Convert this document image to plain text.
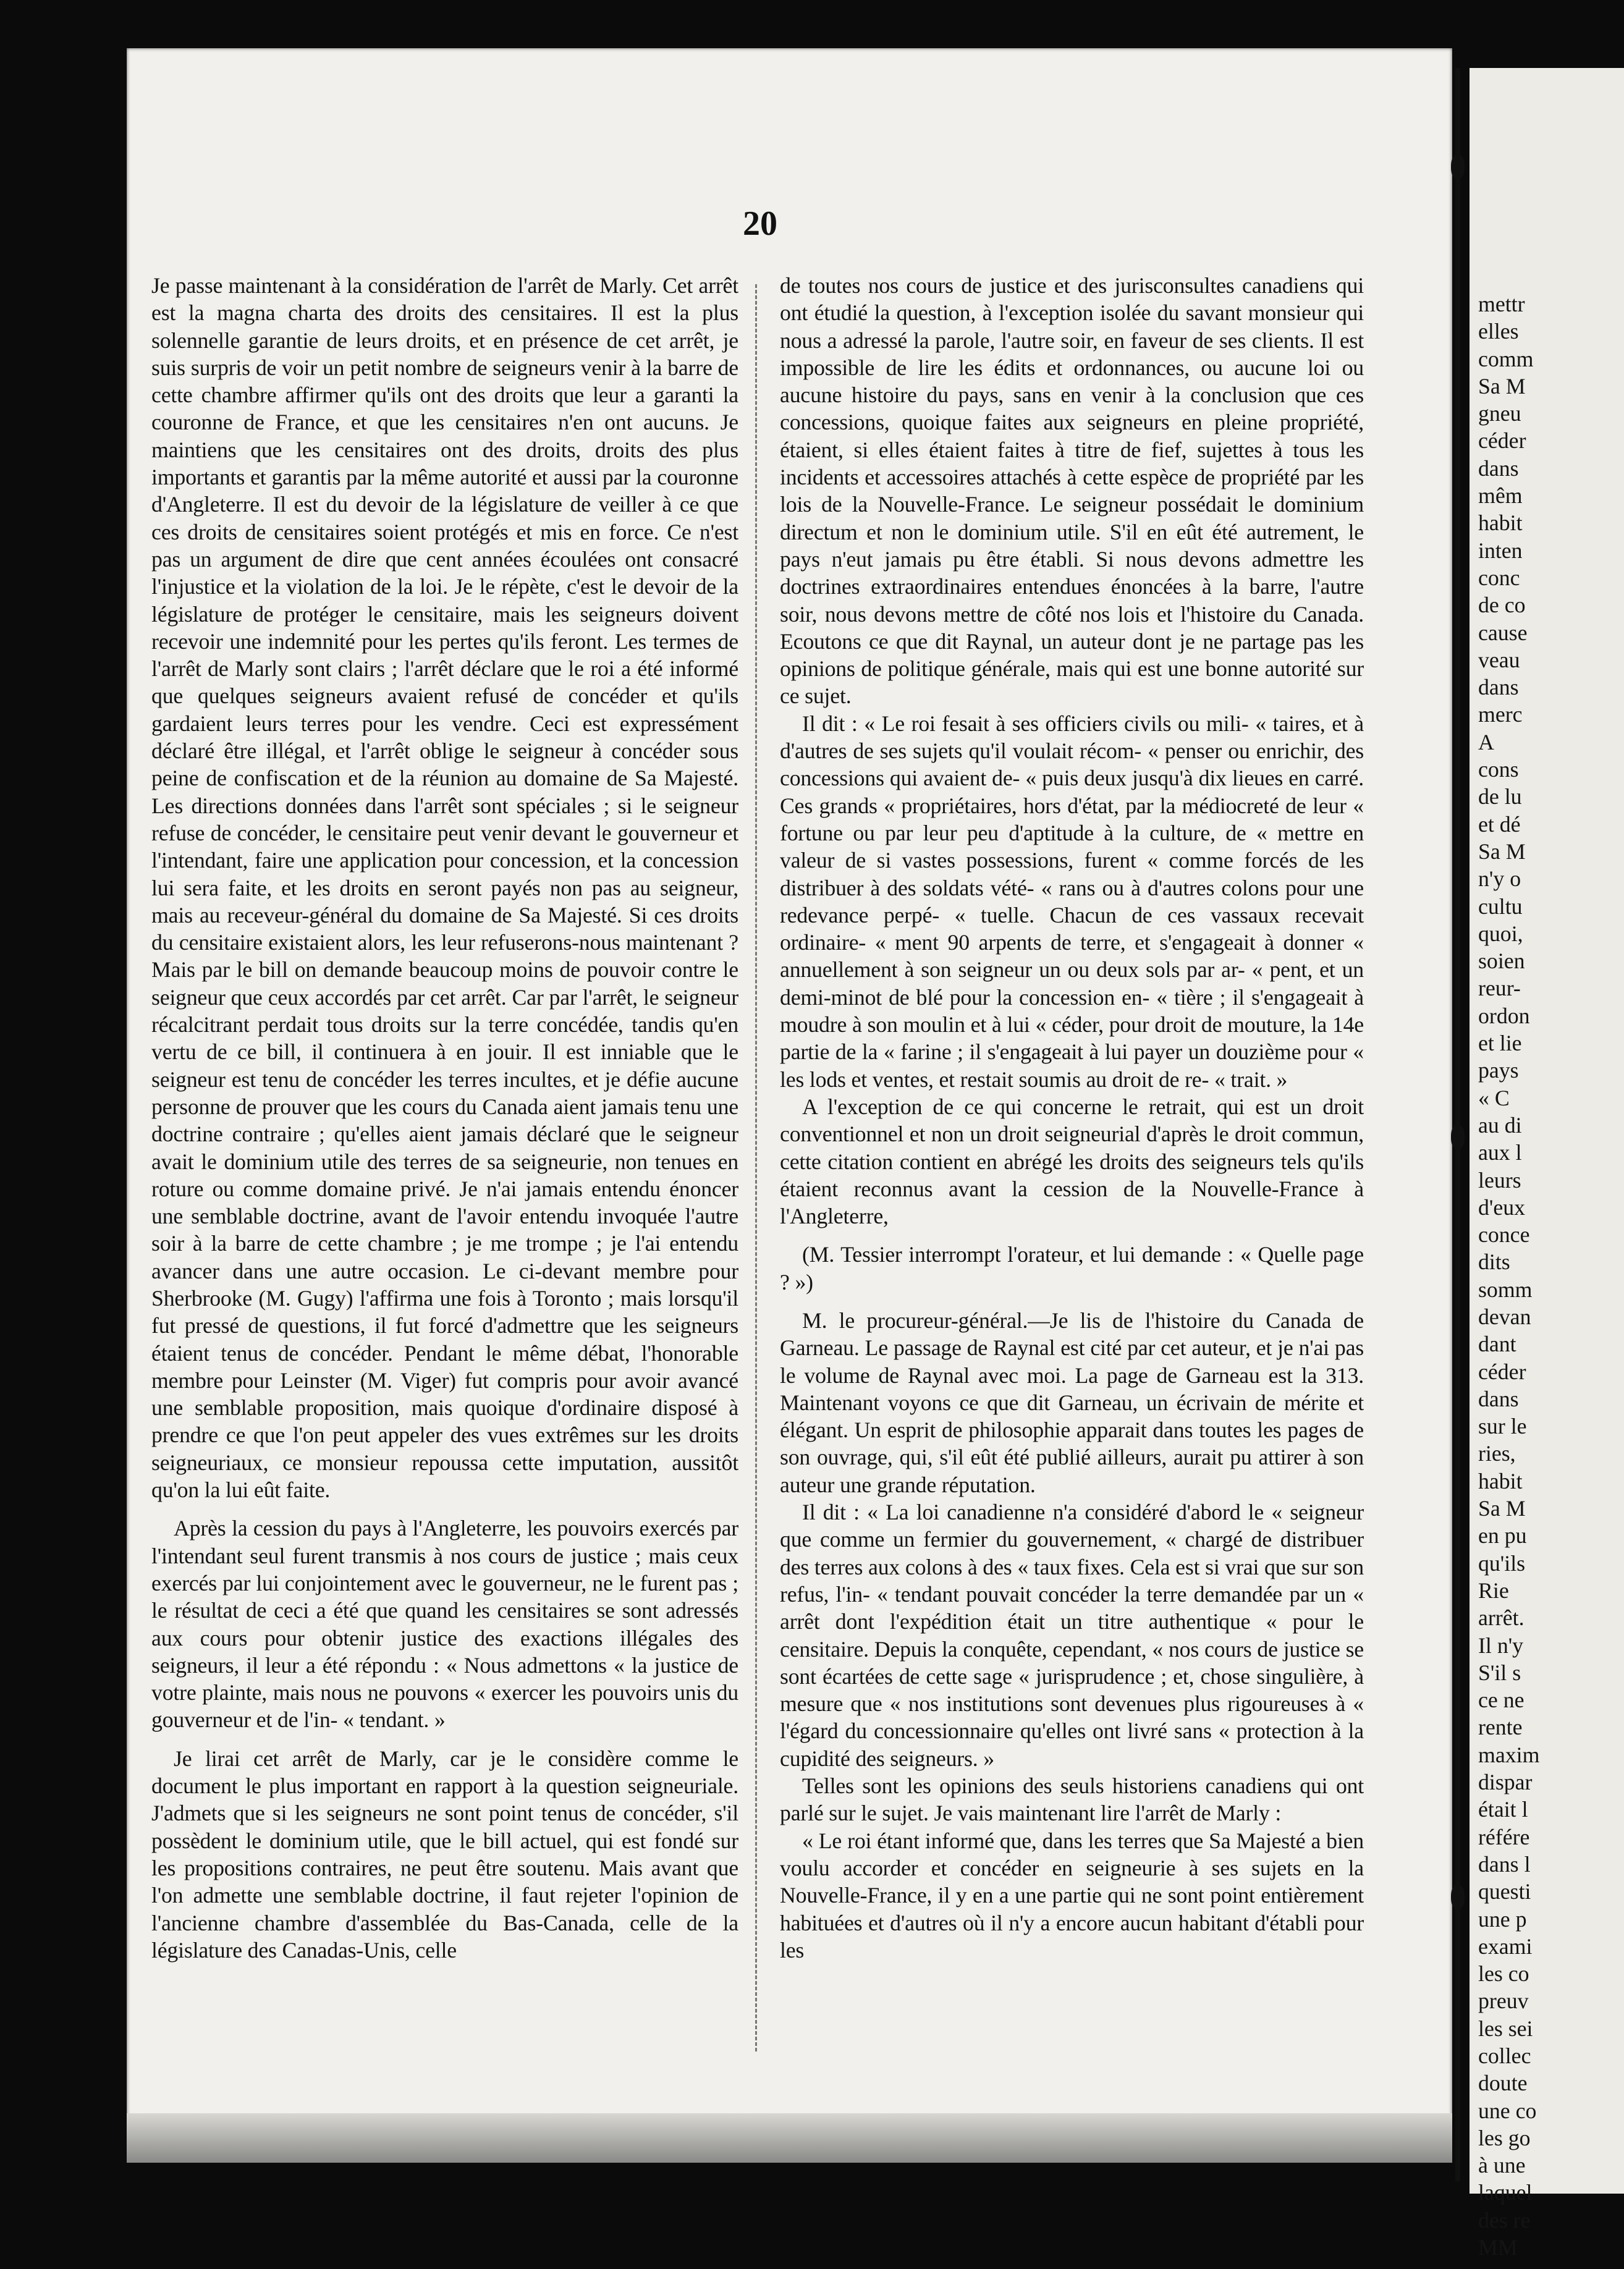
20

Je passe maintenant à la considération de l'arrêt de Marly. Cet arrêt est la magna charta des droits des censitaires. Il est la plus solennelle garantie de leurs droits, et en présence de cet arrêt, je suis surpris de voir un petit nombre de seigneurs venir à la barre de cette chambre affirmer qu'ils ont des droits que leur a garanti la couronne de France, et que les censitaires n'en ont aucuns. Je maintiens que les censitaires ont des droits, droits des plus importants et garantis par la même autorité et aussi par la couronne d'Angleterre. Il est du devoir de la législature de veiller à ce que ces droits de censitaires soient protégés et mis en force. Ce n'est pas un argument de dire que cent années écoulées ont consacré l'injustice et la violation de la loi. Je le répète, c'est le devoir de la législature de protéger le censitaire, mais les seigneurs doivent recevoir une indemnité pour les pertes qu'ils feront. Les termes de l'arrêt de Marly sont clairs ; l'arrêt déclare que le roi a été informé que quelques seigneurs avaient refusé de concéder et qu'ils gardaient leurs terres pour les vendre. Ceci est expressément déclaré être illégal, et l'arrêt oblige le seigneur à concéder sous peine de confiscation et de la réunion au domaine de Sa Majesté. Les directions données dans l'arrêt sont spéciales ; si le seigneur refuse de concéder, le censitaire peut venir devant le gouverneur et l'intendant, faire une application pour concession, et la concession lui sera faite, et les droits en seront payés non pas au seigneur, mais au receveur-général du domaine de Sa Majesté. Si ces droits du censitaire existaient alors, les leur refuserons-nous maintenant ? Mais par le bill on demande beaucoup moins de pouvoir contre le seigneur que ceux accordés par cet arrêt. Car par l'arrêt, le seigneur récalcitrant perdait tous droits sur la terre concédée, tandis qu'en vertu de ce bill, il continuera à en jouir. Il est inniable que le seigneur est tenu de concéder les terres incultes, et je défie aucune personne de prouver que les cours du Canada aient jamais tenu une doctrine contraire ; qu'elles aient jamais déclaré que le seigneur avait le dominium utile des terres de sa seigneurie, non tenues en roture ou comme domaine privé. Je n'ai jamais entendu énoncer une semblable doctrine, avant de l'avoir entendu invoquée l'autre soir à la barre de cette chambre ; je me trompe ; je l'ai entendu avancer dans une autre occasion. Le ci-devant membre pour Sherbrooke (M. Gugy) l'affirma une fois à Toronto ; mais lorsqu'il fut pressé de questions, il fut forcé d'admettre que les seigneurs étaient tenus de concéder. Pendant le même débat, l'honorable membre pour Leinster (M. Viger) fut compris pour avoir avancé une semblable proposition, mais quoique d'ordinaire disposé à prendre ce que l'on peut appeler des vues extrêmes sur les droits seigneuriaux, ce monsieur repoussa cette imputation, aussitôt qu'on la lui eût faite.

Après la cession du pays à l'Angleterre, les pouvoirs exercés par l'intendant seul furent transmis à nos cours de justice ; mais ceux exercés par lui conjointement avec le gouverneur, ne le furent pas ; le résultat de ceci a été que quand les censitaires se sont adressés aux cours pour obtenir justice des exactions illégales des seigneurs, il leur a été répondu : « Nous admettons « la justice de votre plainte, mais nous ne pouvons « exercer les pouvoirs unis du gouverneur et de l'in- « tendant. »

Je lirai cet arrêt de Marly, car je le considère comme le document le plus important en rapport à la question seigneuriale. J'admets que si les seigneurs ne sont point tenus de concéder, s'il possèdent le dominium utile, que le bill actuel, qui est fondé sur les propositions contraires, ne peut être soutenu. Mais avant que l'on admette une semblable doctrine, il faut rejeter l'opinion de l'ancienne chambre d'assemblée du Bas-Canada, celle de la législature des Canadas-Unis, celle

de toutes nos cours de justice et des jurisconsultes canadiens qui ont étudié la question, à l'exception isolée du savant monsieur qui nous a adressé la parole, l'autre soir, en faveur de ses clients. Il est impossible de lire les édits et ordonnances, ou aucune loi ou aucune histoire du pays, sans en venir à la conclusion que ces concessions, quoique faites aux seigneurs en pleine propriété, étaient, si elles étaient faites à titre de fief, sujettes à tous les incidents et accessoires attachés à cette espèce de propriété par les lois de la Nouvelle-France. Le seigneur possédait le dominium directum et non le dominium utile. S'il en eût été autrement, le pays n'eut jamais pu être établi. Si nous devons admettre les doctrines extraordinaires entendues énoncées à la barre, l'autre soir, nous devons mettre de côté nos lois et l'histoire du Canada. Ecoutons ce que dit Raynal, un auteur dont je ne partage pas les opinions de politique générale, mais qui est une bonne autorité sur ce sujet.

Il dit : « Le roi fesait à ses officiers civils ou mili- « taires, et à d'autres de ses sujets qu'il voulait récom- « penser ou enrichir, des concessions qui avaient de- « puis deux jusqu'à dix lieues en carré. Ces grands « propriétaires, hors d'état, par la médiocreté de leur « fortune ou par leur peu d'aptitude à la culture, de « mettre en valeur de si vastes possessions, furent « comme forcés de les distribuer à des soldats vété- « rans ou à d'autres colons pour une redevance perpé- « tuelle. Chacun de ces vassaux recevait ordinaire- « ment 90 arpents de terre, et s'engageait à donner « annuellement à son seigneur un ou deux sols par ar- « pent, et un demi-minot de blé pour la concession en- « tière ; il s'engageait à moudre à son moulin et à lui « céder, pour droit de mouture, la 14e partie de la « farine ; il s'engageait à lui payer un douzième pour « les lods et ventes, et restait soumis au droit de re- « trait. »

A l'exception de ce qui concerne le retrait, qui est un droit conventionnel et non un droit seigneurial d'après le droit commun, cette citation contient en abrégé les droits des seigneurs tels qu'ils étaient reconnus avant la cession de la Nouvelle-France à l'Angleterre,

(M. Tessier interrompt l'orateur, et lui demande : « Quelle page ? »)

M. le procureur-général.—Je lis de l'histoire du Canada de Garneau. Le passage de Raynal est cité par cet auteur, et je n'ai pas le volume de Raynal avec moi. La page de Garneau est la 313. Maintenant voyons ce que dit Garneau, un écrivain de mérite et élégant. Un esprit de philosophie apparait dans toutes les pages de son ouvrage, qui, s'il eût été publié ailleurs, aurait pu attirer à son auteur une grande réputation.

Il dit : « La loi canadienne n'a considéré d'abord le « seigneur que comme un fermier du gouvernement, « chargé de distribuer des terres aux colons à des « taux fixes. Cela est si vrai que sur son refus, l'in- « tendant pouvait concéder la terre demandée par un « arrêt dont l'expédition était un titre authentique « pour le censitaire. Depuis la conquête, cependant, « nos cours de justice se sont écartées de cette sage « jurisprudence ; et, chose singulière, à mesure que « nos institutions sont devenues plus rigoureuses à « l'égard du concessionnaire qu'elles ont livré sans « protection à la cupidité des seigneurs. »

Telles sont les opinions des seuls historiens canadiens qui ont parlé sur le sujet. Je vais maintenant lire l'arrêt de Marly :

« Le roi étant informé que, dans les terres que Sa Majesté a bien voulu accorder et concéder en seigneurie à ses sujets en la Nouvelle-France, il y en a une partie qui ne sont point entièrement habituées et d'autres où il n'y a encore aucun habitant d'établi pour les

mettr
elles
comm
Sa M
gneu
céder
dans
mêm
habit
inten
conc
de co
cause
veau
dans
merc
A
cons
de lu
et dé
Sa M
n'y o
cultu
quoi,
soien
reur-
ordon
et lie
pays
« C
au di
aux l
leurs
d'eux
conce
dits
somm
devan
dant
céder
dans
sur le
ries,
habit
Sa M
en pu
qu'ils
Rie
arrêt.
Il n'y
S'il s
ce ne
rente
maxim
dispar
était l
référe
dans l
questi
une p
exami
les co
preuv
les sei
collec
doute
une co
les go
à une
laquel
des re
MM
